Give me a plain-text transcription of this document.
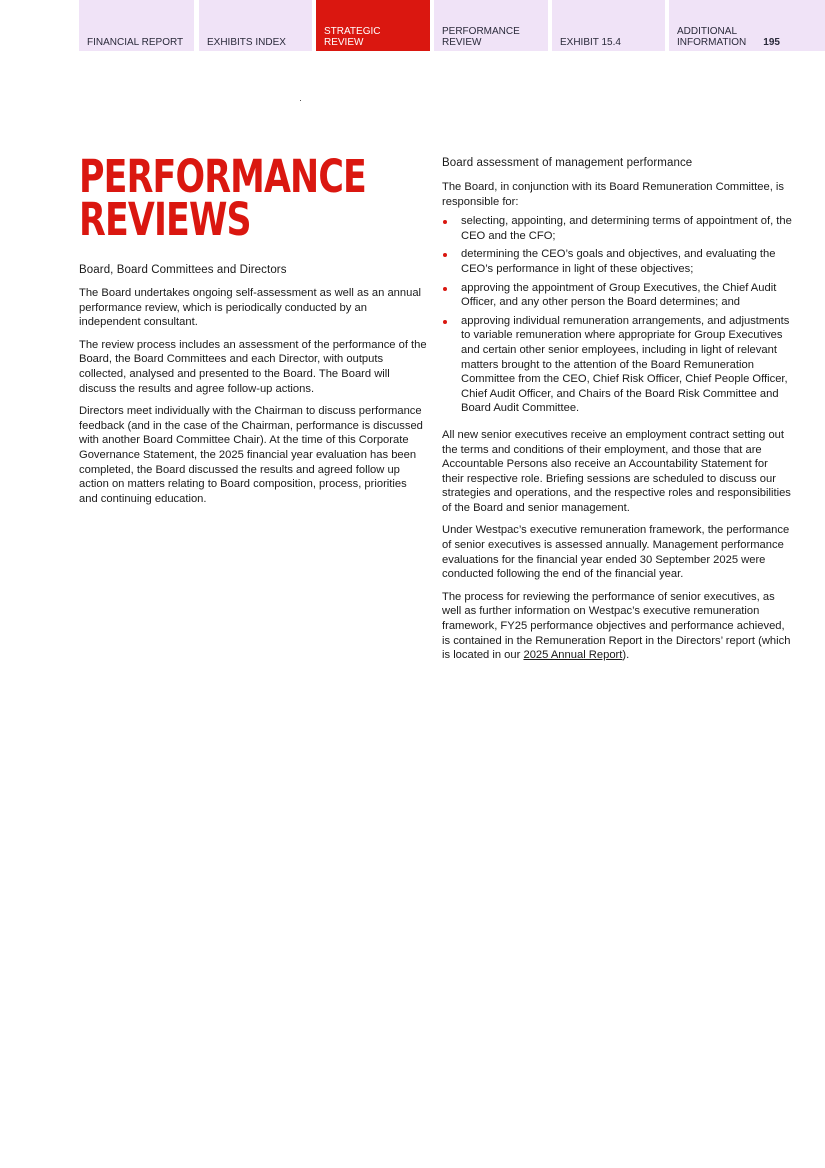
FINANCIAL REPORT EXHIBITS INDEX
STRATEGIC
REVIEW
PERFORMANCE
REVIEW	EXHIBIT 15.4
ADDITIONAL
INFORMATION 195
PERFORMANCE
REVIEWS
Board, Board Committees and Directors

The Board undertakes ongoing self-assessment as well as an annual performance review, which is periodically conducted by an independent consultant.

The review process includes an assessment of the performance of the Board, the Board Committees and each Director, with outputs collected, analysed and presented to the Board. The Board will discuss the results and agree follow-up actions.

Directors meet individually with the Chairman to discuss performance feedback (and in the case of the Chairman, performance is discussed with another Board Committee Chair). At the time of this Corporate Governance Statement, the 2025 financial year evaluation has been completed, the Board discussed the results and agreed follow up action on matters relating to Board composition, process, priorities and continuing education.

Board assessment of management performance

The Board, in conjunction with its Board Remuneration Committee, is responsible for:

selecting, appointing, and determining terms of appointment of, the CEO and the CFO;
determining the CEO’s goals and objectives, and evaluating the CEO’s performance in light of these objectives;
approving the appointment of Group Executives, the Chief Audit Officer, and any other person the Board determines; and
approving individual remuneration arrangements, and adjustments to variable remuneration where appropriate for Group Executives and certain other senior employees, including in light of relevant matters brought to the attention of the Board Remuneration Committee from the CEO, Chief Risk Officer, Chief People Officer, Chief Audit Officer, and Chairs of the Board Risk Committee and Board Audit Committee.

All new senior executives receive an employment contract setting out the terms and conditions of their employment, and those that are Accountable Persons also receive an Accountability Statement for their respective role. Briefing sessions are scheduled to discuss our strategies and operations, and the respective roles and responsibilities of the Board and senior management.

Under Westpac’s executive remuneration framework, the performance of senior executives is assessed annually. Management performance evaluations for the financial year ended 30 September 2025 were conducted following the end of the financial year.

The process for reviewing the performance of senior executives, as well as further information on Westpac’s executive remuneration framework, FY25 performance objectives and performance achieved, is contained in the Remuneration Report in the Directors’ report (which is located in our 2025 Annual Report).
